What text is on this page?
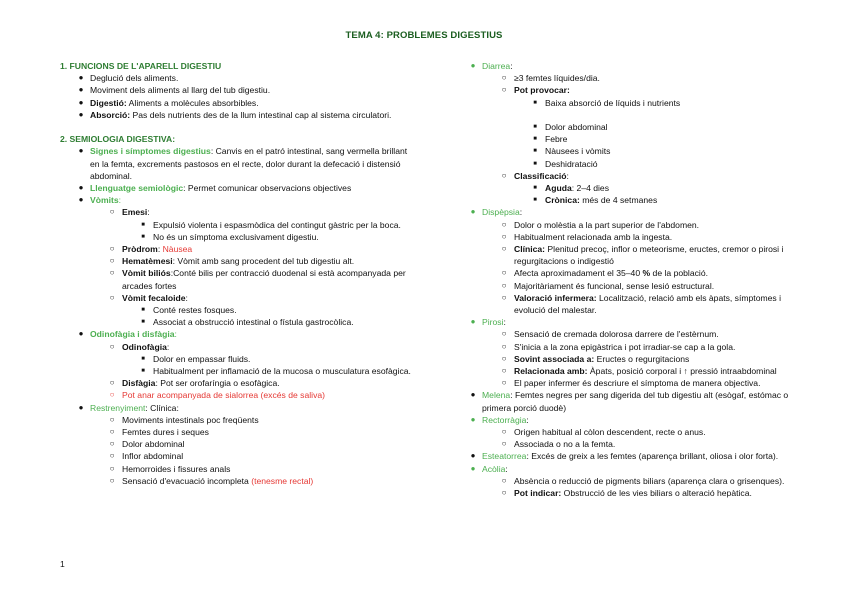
TEMA 4: PROBLEMES DIGESTIUS
1. FUNCIONS DE L'APARELL DIGESTIU
● Deglució dels aliments.
● Moviment dels aliments al llarg del tub digestiu.
● Digestió: Aliments a molècules absorbibles.
● Absorció: Pas dels nutrients des de la llum intestinal cap al sistema circulatori.
2. SEMIOLOGIA DIGESTIVA:
● Signes i símptomes digestius: Canvis en el patró intestinal, sang vermella brillant en la femta, excrements pastosos en el recte, dolor durant la defecació i distensió abdominal.
● Llenguatge semiològic: Permet comunicar observacions objectives
● Vòmits:
○ Emesi:
■ Expulsió violenta i espasmòdica del contingut gàstric per la boca.
■ No és un símptoma exclusivament digestiu.
○ Pròdrom: Nàusea
○ Hematèmesi: Vòmit amb sang procedent del tub digestiu alt.
○ Vòmit biliós:Conté bilis per contracció duodenal si està acompanyada per arcades fortes
○ Vòmit fecaloide:
■ Conté restes fosques.
■ Associat a obstrucció intestinal o fístula gastrocòlica.
● Odinofàgia i disfàgia:
○ Odinofàgia:
■ Dolor en empassar fluids.
■ Habitualment per inflamació de la mucosa o musculatura esofàgica.
○ Disfàgia: Pot ser orofaríngia o esofàgica.
○ Pot anar acompanyada de sialorrea (excés de saliva)
● Restrenyiment: Clínica:
○ Moviments intestinals poc freqüents
○ Femtes dures i seques
○ Dolor abdominal
○ Inflor abdominal
○ Hemorroides i fissures anals
○ Sensació d'evacuació incompleta (tenesme rectal)
● Diarrea:
○ ≥3 femtes líquides/dia.
○ Pot provocar:
■ Baixa absorció de líquids i nutrients
■ Dolor abdominal
■ Febre
■ Nàusees i vòmits
■ Deshidratació
○ Classificació:
■ Aguda: 2–4 dies
■ Crònica: més de 4 setmanes
● Dispèpsia:
○ Dolor o molèstia a la part superior de l'abdomen.
○ Habitualment relacionada amb la ingesta.
○ Clínica: Plenitud precoç, inflor o meteorisme, eructes, cremor o pirosi i regurgitacions o indigestió
○ Afecta aproximadament el 35–40 % de la població.
○ Majoritàriament és funcional, sense lesió estructural.
○ Valoració infermera: Localització, relació amb els àpats, símptomes i evolució del malestar.
● Pirosi:
○ Sensació de cremada dolorosa darrere de l'estèrnum.
○ S'inicia a la zona epigàstrica i pot irradiar-se cap a la gola.
○ Sovint associada a: Eructes o regurgitacions
○ Relacionada amb: Àpats, posició corporal i ↑ pressió intraabdominal
○ El paper infermer és descriure el símptoma de manera objectiva.
● Melena: Femtes negres per sang digerida del tub digestiu alt (esògaf, estómac o primera porció duodè)
● Rectorràgia:
○ Origen habitual al còlon descendent, recte o anus.
○ Associada o no a la femta.
● Esteatorrea: Excés de greix a les femtes (aparença brillant, oliosa i olor forta).
● Acòlia:
○ Absència o reducció de pigments biliars (aparença clara o grisenques).
○ Pot indicar: Obstrucció de les vies biliars o alteració hepàtica.
1
